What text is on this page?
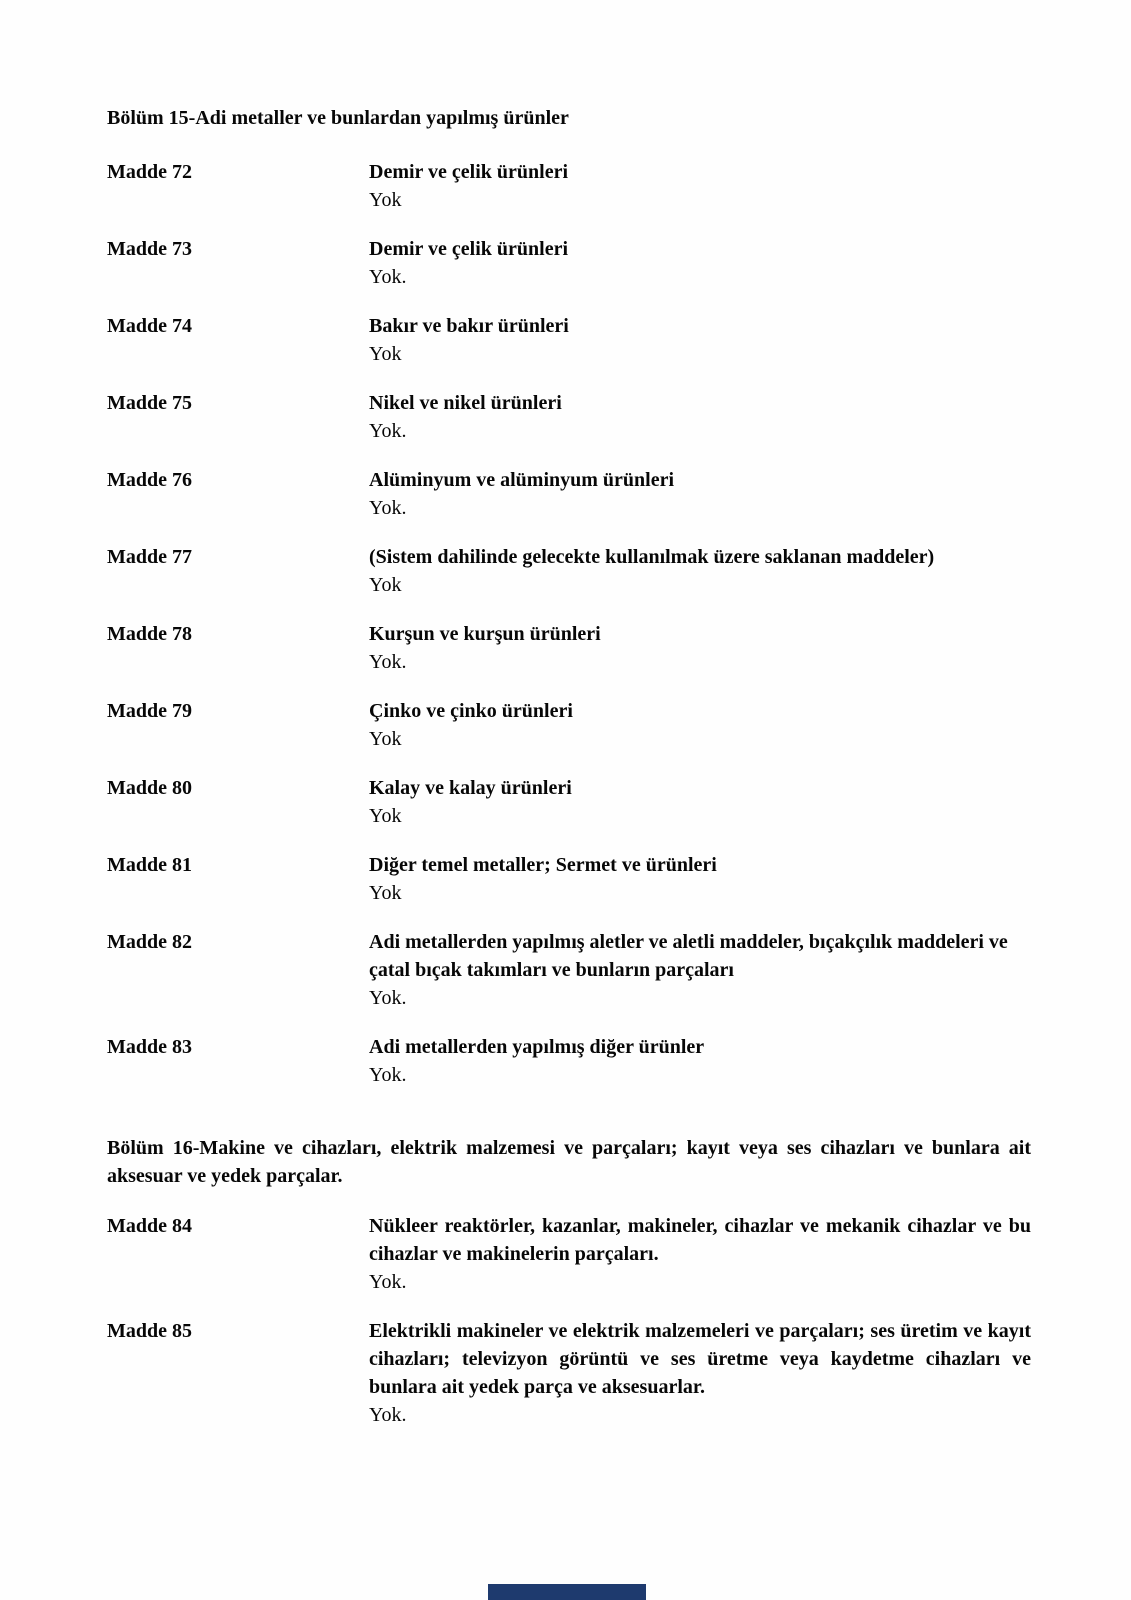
Bölüm 15-Adi metaller ve bunlardan yapılmış ürünler
Madde 72	Demir ve çelik ürünleri
Yok
Madde 73	Demir ve çelik ürünleri
Yok.
Madde 74	Bakır ve bakır ürünleri
Yok
Madde 75	Nikel ve nikel ürünleri
Yok.
Madde 76	Alüminyum ve alüminyum ürünleri
Yok.
Madde 77	(Sistem dahilinde gelecekte kullanılmak üzere saklanan maddeler)
Yok
Madde 78	Kurşun ve kurşun ürünleri
Yok.
Madde 79	Çinko ve çinko ürünleri
Yok
Madde 80	Kalay ve kalay ürünleri
Yok
Madde 81	Diğer temel metaller; Sermet ve ürünleri
Yok
Madde 82	Adi metallerden yapılmış aletler ve aletli maddeler, bıçakçılık maddeleri ve çatal bıçak takımları ve bunların parçaları
Yok.
Madde 83	Adi metallerden yapılmış diğer ürünler
Yok.
Bölüm 16-Makine ve cihazları, elektrik malzemesi ve parçaları; kayıt veya ses cihazları ve bunlara ait aksesuar ve yedek parçalar.
Madde 84	Nükleer reaktörler, kazanlar, makineler, cihazlar ve mekanik cihazlar ve bu cihazlar ve makinelerin parçaları.
Yok.
Madde 85	Elektrikli makineler ve elektrik malzemeleri ve parçaları; ses üretim ve kayıt cihazları; televizyon görüntü ve ses üretme veya kaydetme cihazları ve bunlara ait yedek parça ve aksesuarlar.
Yok.
